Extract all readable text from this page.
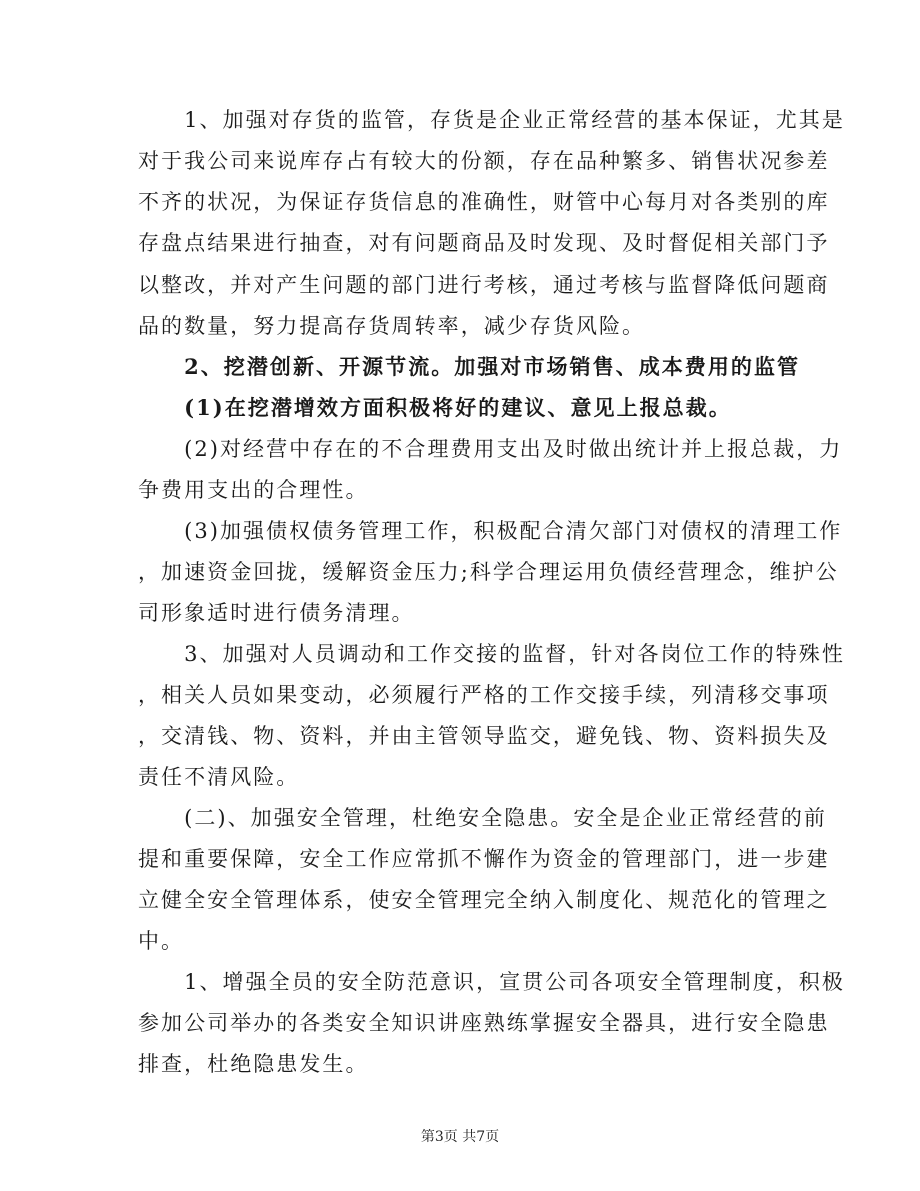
　　1、加强对存货的监管，存货是企业正常经营的基本保证，尤其是
对于我公司来说库存占有较大的份额，存在品种繁多、销售状况参差
不齐的状况，为保证存货信息的准确性，财管中心每月对各类别的库
存盘点结果进行抽查，对有问题商品及时发现、及时督促相关部门予
以整改，并对产生问题的部门进行考核，通过考核与监督降低问题商
品的数量，努力提高存货周转率，减少存货风险。
　　2、挖潜创新、开源节流。加强对市场销售、成本费用的监管
　　(1)在挖潜增效方面积极将好的建议、意见上报总裁。
　　(2)对经营中存在的不合理费用支出及时做出统计并上报总裁，力
争费用支出的合理性。
　　(3)加强债权债务管理工作，积极配合清欠部门对债权的清理工作
，加速资金回拢，缓解资金压力;科学合理运用负债经营理念，维护公
司形象适时进行债务清理。
　　3、加强对人员调动和工作交接的监督，针对各岗位工作的特殊性
，相关人员如果变动，必须履行严格的工作交接手续，列清移交事项
，交清钱、物、资料，并由主管领导监交，避免钱、物、资料损失及
责任不清风险。
　　(二)、加强安全管理，杜绝安全隐患。安全是企业正常经营的前
提和重要保障，安全工作应常抓不懈作为资金的管理部门，进一步建
立健全安全管理体系，使安全管理完全纳入制度化、规范化的管理之
中。
　　1、增强全员的安全防范意识，宣贯公司各项安全管理制度，积极
参加公司举办的各类安全知识讲座熟练掌握安全器具，进行安全隐患
排查，杜绝隐患发生。
第3页 共7页
